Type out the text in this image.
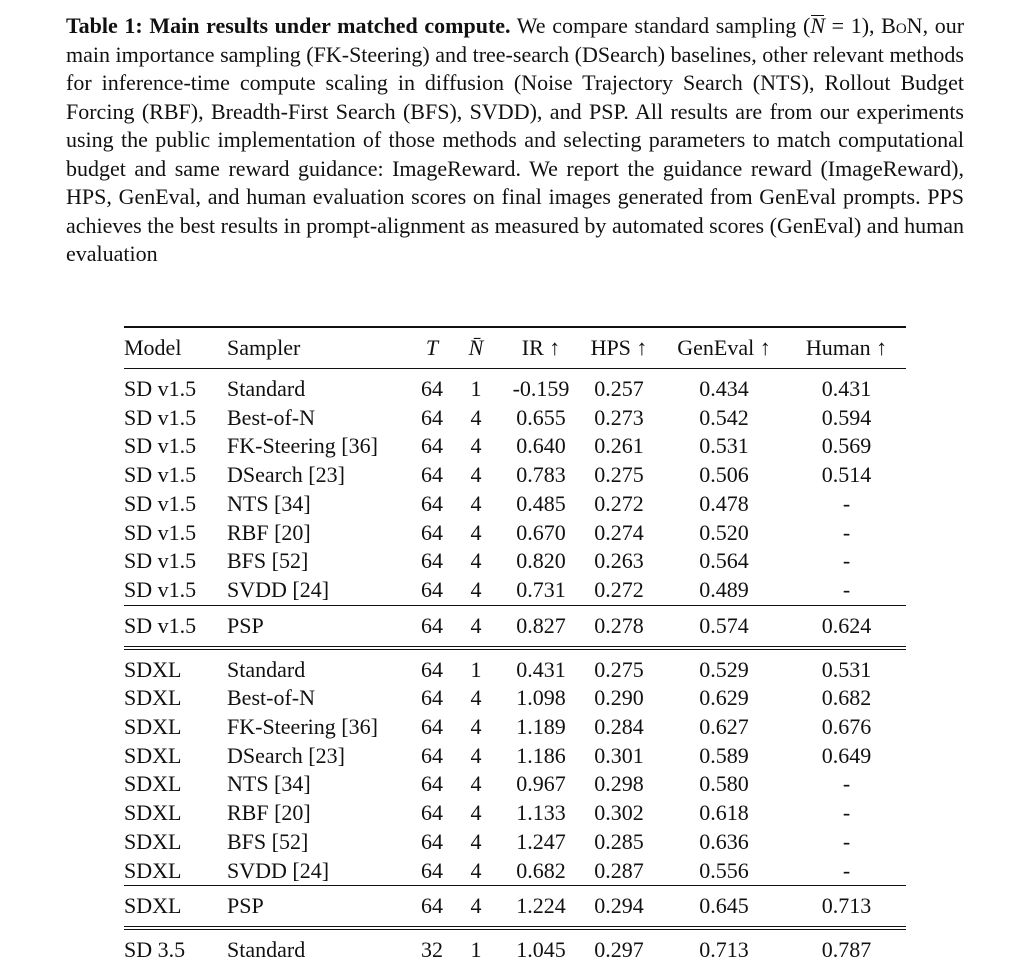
Table 1: Main results under matched compute. We compare standard sampling (N = 1), BoN, our main importance sampling (FK-Steering) and tree-search (DSearch) baselines, other relevant methods for inference-time compute scaling in diffusion (Noise Trajectory Search (NTS), Rollout Budget Forcing (RBF), Breadth-First Search (BFS), SVDD), and PSP. All results are from our experiments using the public implementation of those methods and selecting parameters to match computational budget and same reward guidance: ImageReward. We report the guidance reward (ImageReward), HPS, GenEval, and human evaluation scores on final images generated from GenEval prompts. PPS achieves the best results in prompt-alignment as measured by automated scores (GenEval) and human evaluation
Model	Sampler	T	N̄	IR ↑	HPS ↑	GenEval ↑	Human ↑
SD v1.5	Standard	64	1	-0.159	0.257	0.434	0.431
SD v1.5	Best-of-N	64	4	0.655	0.273	0.542	0.594
SD v1.5	FK-Steering [36]	64	4	0.640	0.261	0.531	0.569
SD v1.5	DSearch [23]	64	4	0.783	0.275	0.506	0.514
SD v1.5	NTS [34]	64	4	0.485	0.272	0.478	-
SD v1.5	RBF [20]	64	4	0.670	0.274	0.520	-
SD v1.5	BFS [52]	64	4	0.820	0.263	0.564	-
SD v1.5	SVDD [24]	64	4	0.731	0.272	0.489	-
SD v1.5	PSP	64	4	0.827	0.278	0.574	0.624
SDXL	Standard	64	1	0.431	0.275	0.529	0.531
SDXL	Best-of-N	64	4	1.098	0.290	0.629	0.682
SDXL	FK-Steering [36]	64	4	1.189	0.284	0.627	0.676
SDXL	DSearch [23]	64	4	1.186	0.301	0.589	0.649
SDXL	NTS [34]	64	4	0.967	0.298	0.580	-
SDXL	RBF [20]	64	4	1.133	0.302	0.618	-
SDXL	BFS [52]	64	4	1.247	0.285	0.636	-
SDXL	SVDD [24]	64	4	0.682	0.287	0.556	-
SDXL	PSP	64	4	1.224	0.294	0.645	0.713
SD 3.5	Standard	32	1	1.045	0.297	0.713	0.787
